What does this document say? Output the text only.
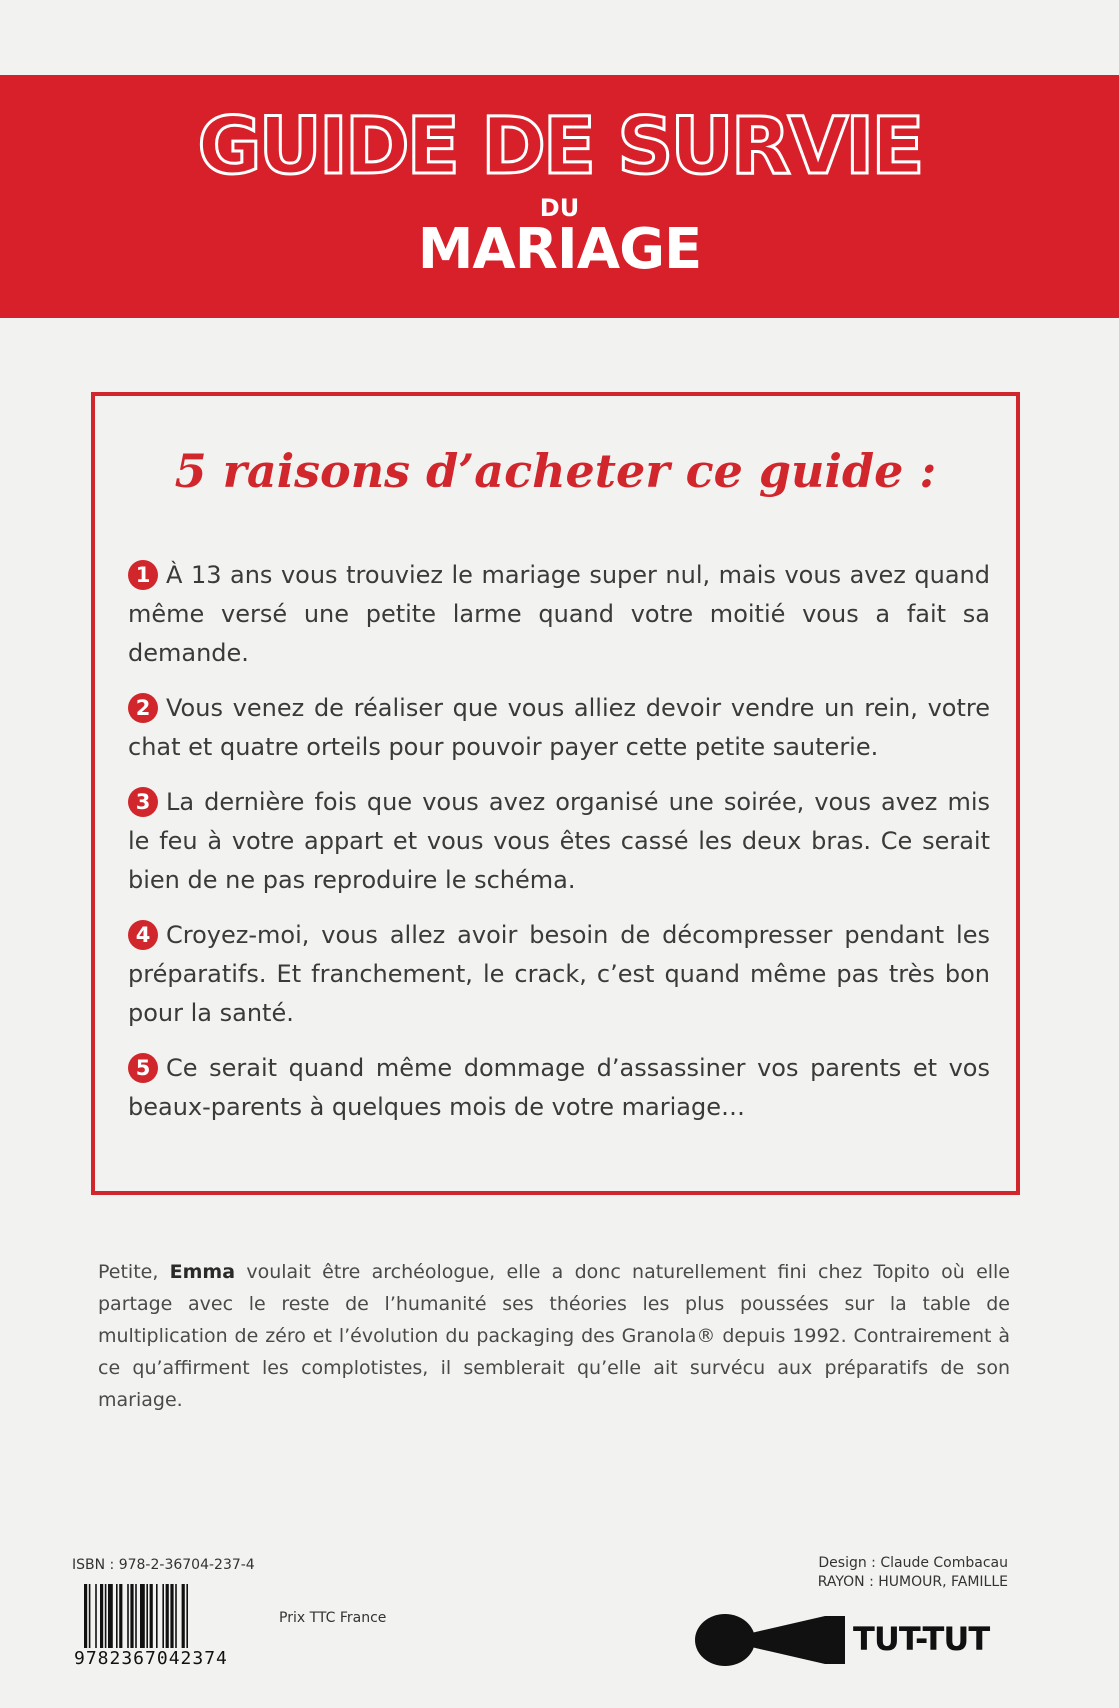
GUIDE DE SURVIE
DU
MARIAGE
5 raisons d’acheter ce guide :

1 À 13 ans vous trouviez le mariage super nul, mais vous avez quand même versé une petite larme quand votre moitié vous a fait sa demande.

2 Vous venez de réaliser que vous alliez devoir vendre un rein, votre chat et quatre orteils pour pouvoir payer cette petite sauterie.

3 La dernière fois que vous avez organisé une soirée, vous avez mis le feu à votre appart et vous vous êtes cassé les deux bras. Ce serait bien de ne pas reproduire le schéma.

4 Croyez-moi, vous allez avoir besoin de décompresser pendant les préparatifs. Et franchement, le crack, c’est quand même pas très bon pour la santé.

5 Ce serait quand même dommage d’assassiner vos parents et vos beaux-parents à quelques mois de votre mariage…

Petite, Emma voulait être archéologue, elle a donc naturellement fini chez Topito où elle partage avec le reste de l’humanité ses théories les plus poussées sur la table de multiplication de zéro et l’évolution du packaging des Granola® depuis 1992. Contrairement à ce qu’affirment les complotistes, il semblerait qu’elle ait survécu aux préparatifs de son mariage.
ISBN : 978-2-36704-237-4
9782367042374
Prix TTC France
Design : Claude Combacau
RAYON : HUMOUR, FAMILLE
TUT-TUT
